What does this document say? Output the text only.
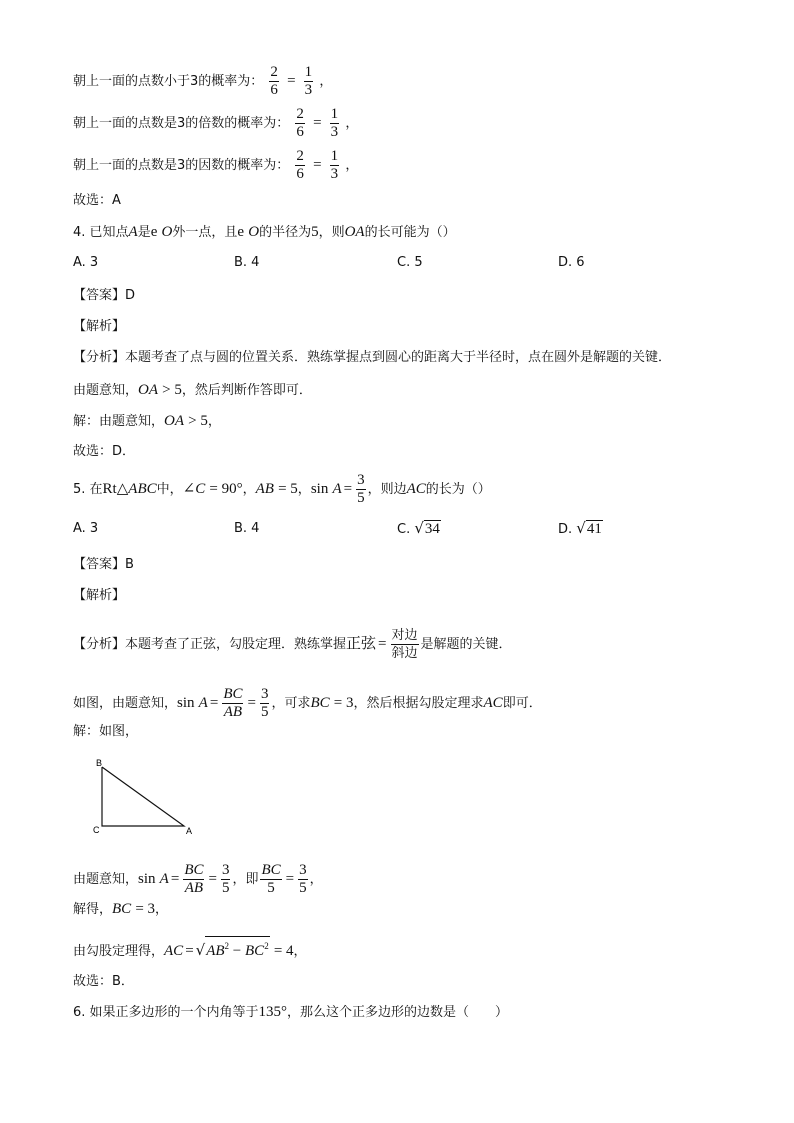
朝上一面的点数小于3的概率为： $\frac{2}{6} = \frac{1}{3}$ ，
朝上一面的点数是3的倍数的概率为： $\frac{2}{6} = \frac{1}{3}$ ，
朝上一面的点数是3的因数的概率为： $\frac{2}{6} = \frac{1}{3}$ ，
故选：A
4. 已知点A是e O外一点，且e O的半径为5，则OA的长可能为（）
A. 3	B. 4	C. 5	D. 6
【答案】D
【解析】
【分析】本题考查了点与圆的位置关系．熟练掌握点到圆心的距离大于半径时，点在圆外是解题的关键．
由题意知，OA > 5，然后判断作答即可．
解：由题意知，OA > 5，
故选：D．
5. 在Rt△ABC中，∠C = 90°，AB = 5，$\sin A = \frac{3}{5}$ ，则边AC的长为（）
A. 3	B. 4	C. √34	D. √41
【答案】B
【解析】
【分析】本题考查了正弦，勾股定理．熟练掌握正弦 = $\frac{\text{对边}}{\text{斜边}}$ 是解题的关键．
如图，由题意知，$\sin A = \frac{BC}{AB} = \frac{3}{5}$ ，可求BC = 3，然后根据勾股定理求AC即可．
解：如图，
B
C	A
由题意知，$\sin A = \frac{BC}{AB} = \frac{3}{5}$ ，即 $\frac{BC}{5} = \frac{3}{5}$ ，
解得，BC = 3，
由勾股定理得，AC = $√AB^2 - BC^2 = 4$，
故选：B．
6. 如果正多边形的一个内角等于135°，那么这个正多边形的边数是（　　）
